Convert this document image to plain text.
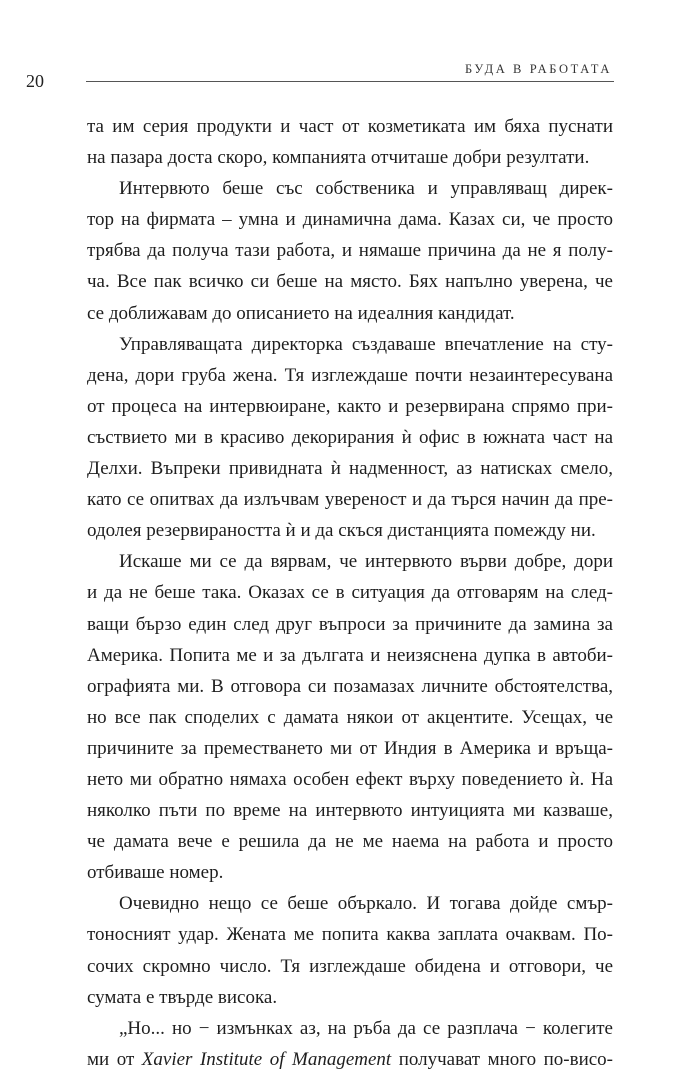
20
БУДА В РАБОТАТА
та им серия продукти и част от козметиката им бяха пуснати
на пазара доста скоро, компанията отчиташе добри резултати.
Интервюто беше със собственика и управляващ дирек-
тор на фирмата – умна и динамична дама. Казах си, че просто
трябва да получа тази работа, и нямаше причина да не я полу-
ча. Все пак всичко си беше на място. Бях напълно уверена, че
се доближавам до описанието на идеалния кандидат.
Управляващата директорка създаваше впечатление на сту-
дена, дори груба жена. Тя изглеждаше почти незаинтересувана
от процеса на интервюиране, както и резервирана спрямо при-
съствието ми в красиво декорирания ѝ офис в южната част на
Делхи. Въпреки привидната ѝ надменност, аз натисках смело,
като се опитвах да излъчвам увереност и да търся начин да пре-
одолея резервираността ѝ и да скъся дистанцията помежду ни.
Искаше ми се да вярвам, че интервюто върви добре, дори
и да не беше така. Оказах се в ситуация да отговарям на след-
ващи бързо един след друг въпроси за причините да замина за
Америка. Попита ме и за дългата и неизяснена дупка в автоби-
ографията ми. В отговора си позамазах личните обстоятелства,
но все пак споделих с дамата някои от акцентите. Усещах, че
причините за преместването ми от Индия в Америка и връща-
нето ми обратно нямаха особен ефект върху поведението ѝ. На
няколко пъти по време на интервюто интуицията ми казваше,
че дамата вече е решила да не ме наема на работа и просто
отбиваше номер.
Очевидно нещо се беше объркало. И тогава дойде смър-
тоносният удар. Жената ме попита каква заплата очаквам. По-
сочих скромно число. Тя изглеждаше обидена и отговори, че
сумата е твърде висока.
„Но... но − измънках аз, на ръба да се разплача − колегите
ми от Xavier Institute of Management получават много по-висо-
